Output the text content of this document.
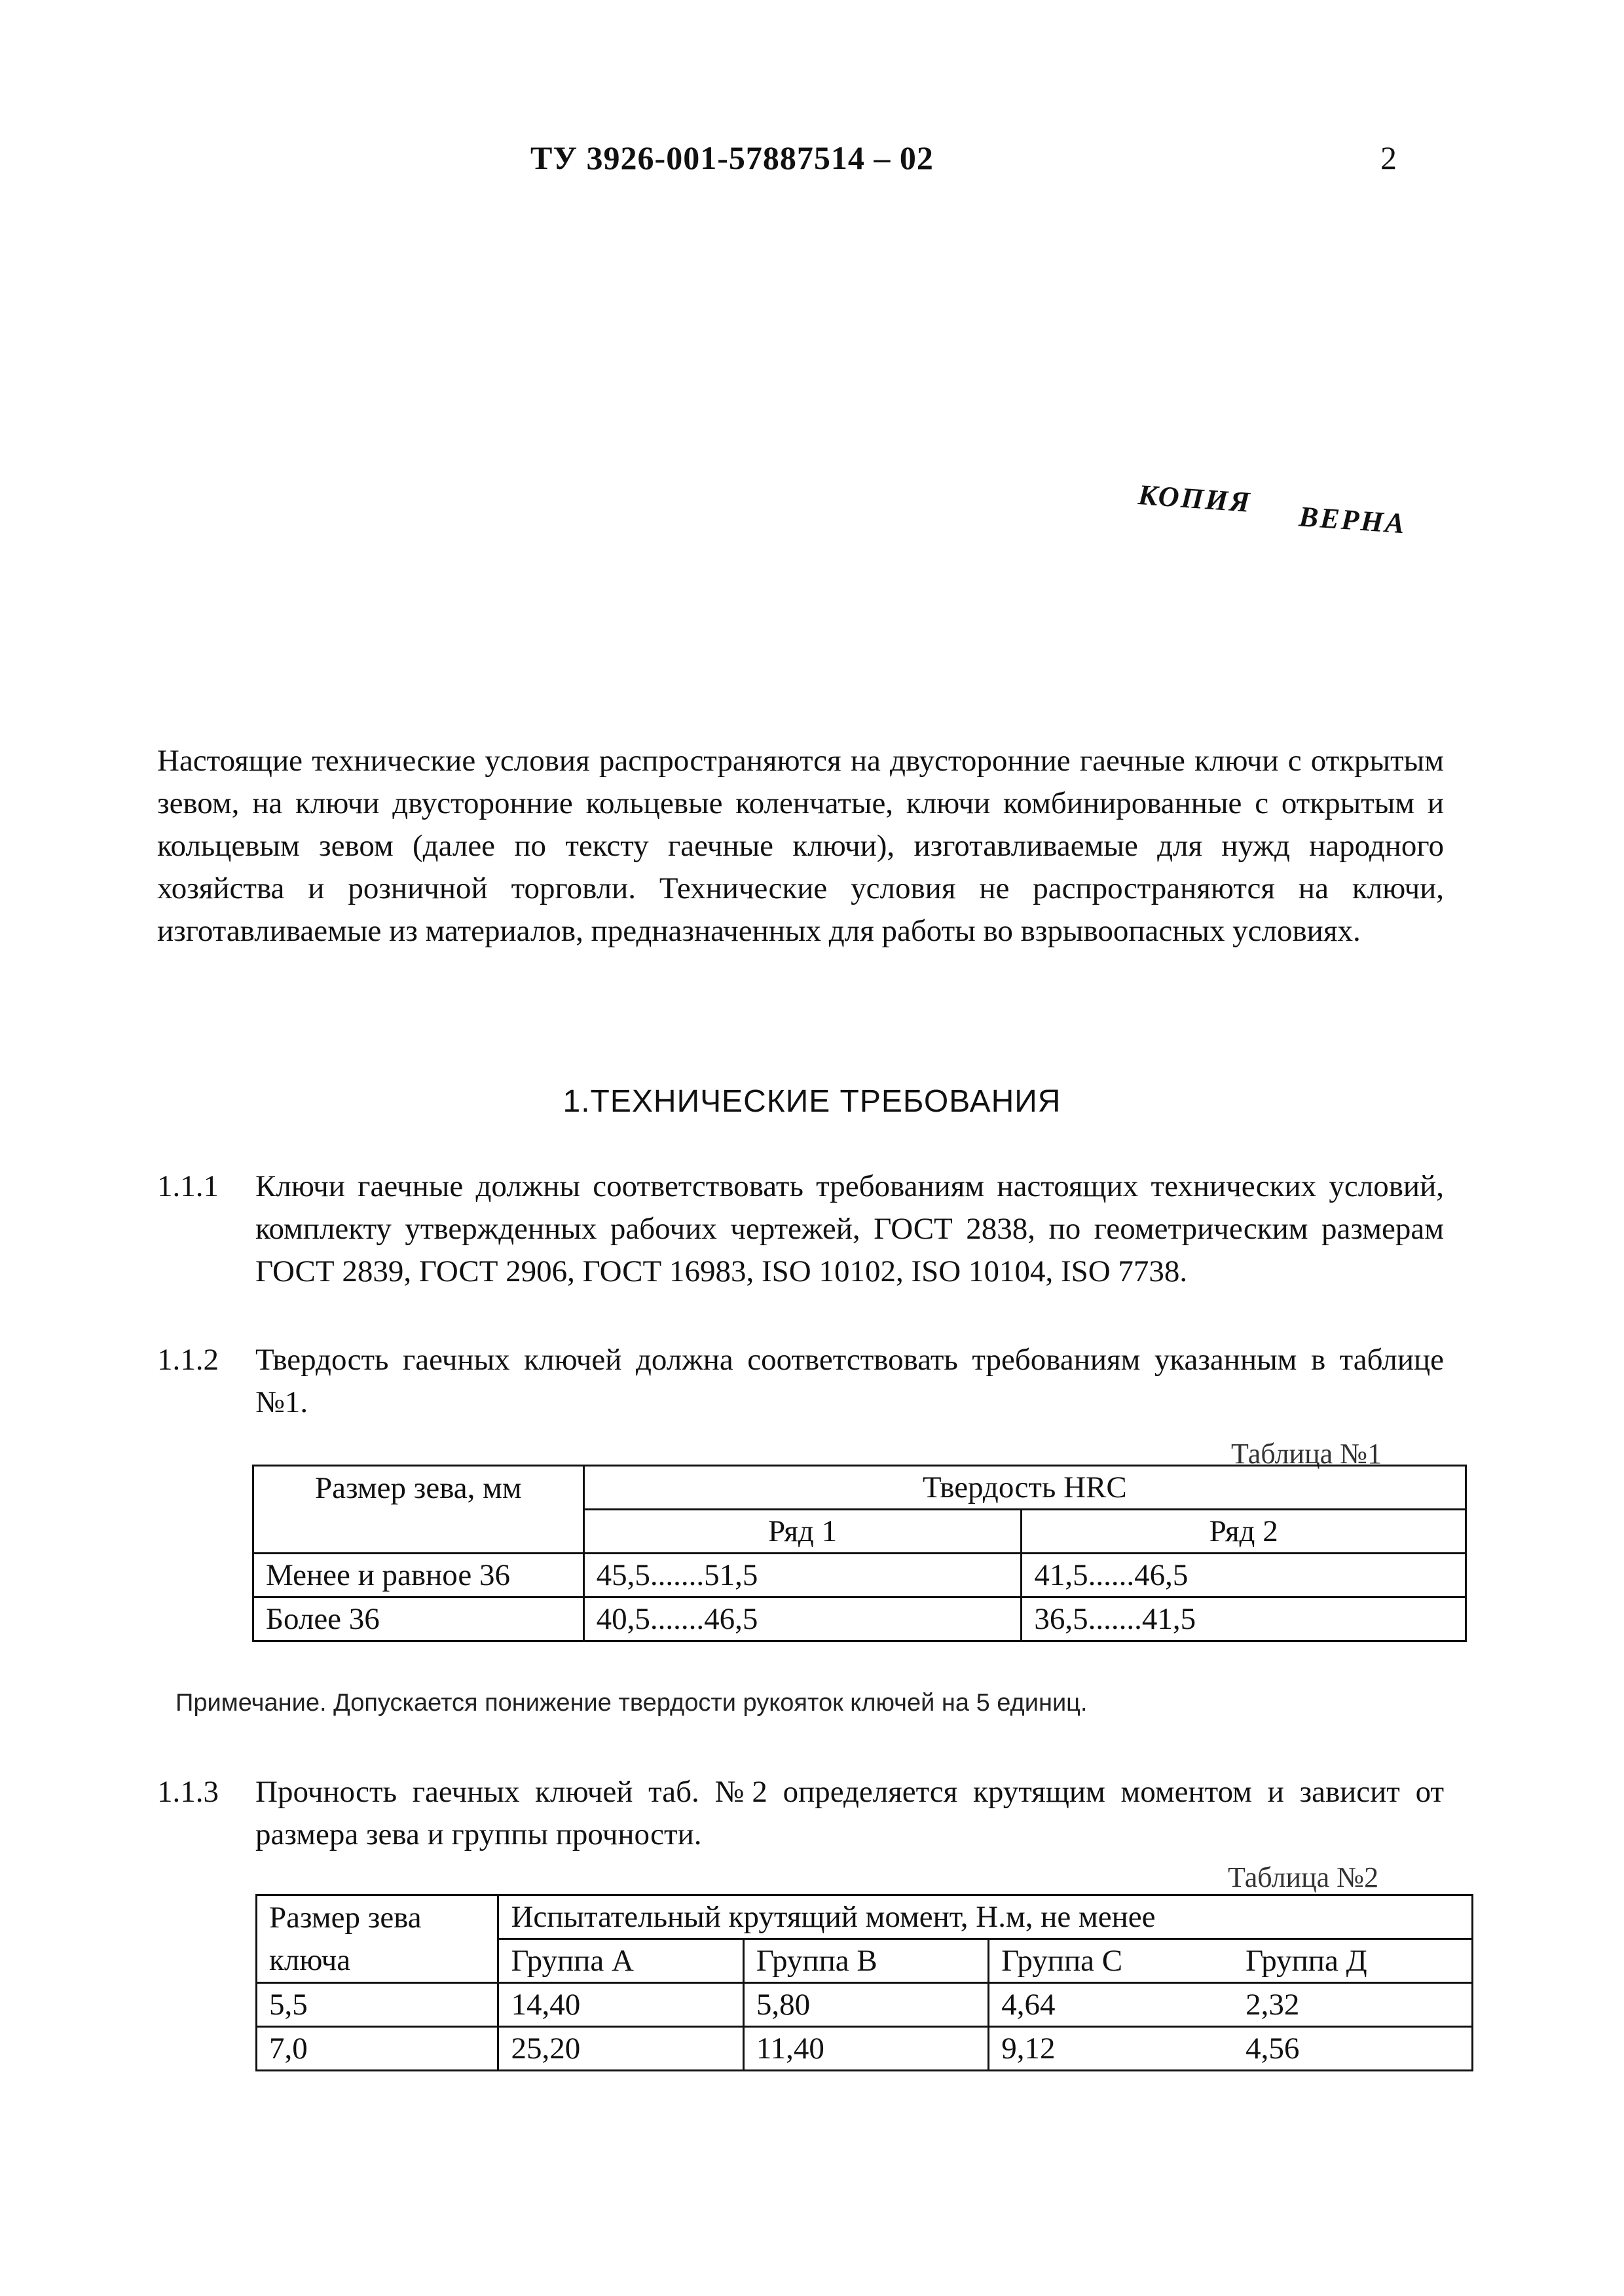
ТУ 3926-001-57887514 – 02	2
КОПИЯ ВЕРНА
Настоящие технические условия распространяются на двусторонние гаечные ключи с открытым зевом, на ключи двусторонние кольцевые коленчатые, ключи комбинированные с открытым и кольцевым зевом (далее по тексту гаечные ключи), изготавливаемые для нужд народного хозяйства и розничной торговли. Технические условия не распространяются на ключи, изготавливаемые из материалов, предназначенных для работы во взрывоопасных условиях.
1.ТЕХНИЧЕСКИЕ ТРЕБОВАНИЯ
1.1.1 Ключи гаечные должны соответствовать требованиям настоящих технических условий, комплекту утвержденных рабочих чертежей, ГОСТ 2838, по геометрическим размерам ГОСТ 2839, ГОСТ 2906, ГОСТ 16983, ISO 10102, ISO 10104, ISO 7738.
1.1.2 Твердость гаечных ключей должна соответствовать требованиям указанным в таблице №1.
Таблица №1
Размер зева, мм	Твердость HRC	
	Ряд 1	Ряд 2
Менее и равное 36	45,5.......51,5	41,5......46,5
Более 36	40,5.......46,5	36,5.......41,5
Примечание. Допускается понижение твердости рукояток ключей на 5 единиц.
1.1.3 Прочность гаечных ключей таб. №2 определяется крутящим моментом и зависит от размера зева и группы прочности.
Таблица №2
Размер зева	Испытательный крутящий момент, Н.м, не менее			
ключа	Группа А	Группа В	Группа С	Группа Д
5,5	14,40	5,80	4,64	2,32
7,0	25,20	11,40	9,12	4,56
